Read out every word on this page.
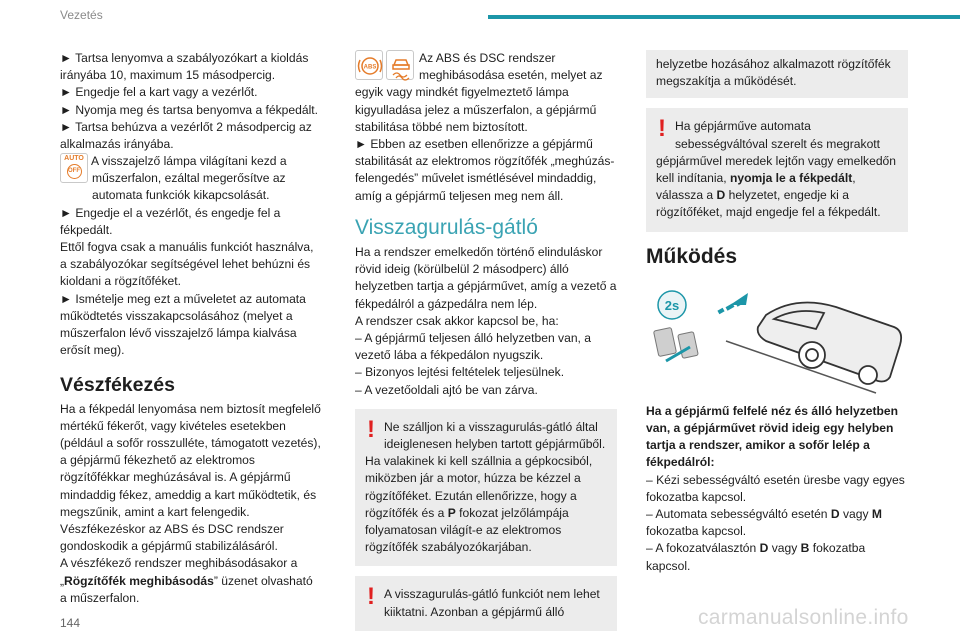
Vezetés

► Tartsa lenyomva a szabályozókart a kioldás irányába 10, maximum 15 másodpercig.

► Engedje fel a kart vagy a vezérlőt.

► Nyomja meg és tartsa benyomva a fékpedált.

► Tartsa behúzva a vezérlőt 2 másodpercig az alkalmazás irányába.

AUTO
OFF

A visszajelző lámpa világítani kezd a

műszerfalon, ezáltal megerősítve az automata funkciók kikapcsolását.

► Engedje el a vezérlőt, és engedje fel a fékpedált.

Ettől fogva csak a manuális funkciót használva, a szabályozókar segítségével lehet behúzni és kioldani a rögzítőféket.

► Ismételje meg ezt a műveletet az automata működtetés visszakapcsolásához (melyet a műszerfalon lévő visszajelző lámpa kialvása erősít meg).

Vészfékezés

Ha a fékpedál lenyomása nem biztosít megfelelő mértékű fékerőt, vagy kivételes esetekben (például a sofőr rosszulléte, támogatott vezetés), a gépjármű fékezhető az elektromos rögzítőfékkar meghúzásával is. A gépjármű mindaddig fékez, ameddig a kart működtetik, és megszűnik, amint a kart felengedik.

Vészfékezéskor az ABS és DSC rendszer gondoskodik a gépjármű stabilizálásáról.

A vészfékező rendszer meghibásodásakor a „Rögzítőfék meghibásodás” üzenet olvasható a műszerfalon.

ABS

Az ABS és DSC rendszer

meghibásodása esetén, melyet az

egyik vagy mindkét figyelmeztető lámpa kigyulladása jelez a műszerfalon, a gépjármű stabilitása többé nem biztosított.

► Ebben az esetben ellenőrizze a gépjármű stabilitását az elektromos rögzítőfék „meghúzás-felengedés” művelet ismétlésével mindaddig, amíg a gépjármű teljesen meg nem áll.

Visszagurulás-gátló

Ha a rendszer emelkedőn történő elinduláskor rövid ideig (körülbelül 2 másodperc) álló helyzetben tartja a gépjárművet, amíg a vezető a fékpedálról a gázpedálra nem lép.

A rendszer csak akkor kapcsol be, ha:

– A gépjármű teljesen álló helyzetben van, a vezető lába a fékpedálon nyugszik.

– Bizonyos lejtési feltételek teljesülnek.

– A vezetőoldali ajtó be van zárva.

! Ne szálljon ki a visszagurulás-gátló által ideiglenesen helyben tartott gépjárműből.

Ha valakinek ki kell szállnia a gépkocsiból, miközben jár a motor, húzza be kézzel a rögzítőféket. Ezután ellenőrizze, hogy a rögzítőfék és a P fokozat jelzőlámpája folyamatosan világít-e az elektromos rögzítőfék szabályozókarjában.

! A visszagurulás-gátló funkciót nem lehet kiiktatni. Azonban a gépjármű álló

helyzetbe hozásához alkalmazott rögzítőfék megszakítja a működését.

! Ha gépjárműve automata sebességváltóval szerelt és megrakott

gépjárművel meredek lejtőn vagy emelkedőn kell indítania, nyomja le a fékpedált, válassza a D helyzetet, engedje ki a rögzítőféket, majd engedje fel a fékpedált.

Működés
2s

Ha a gépjármű felfelé néz és álló helyzetben van, a gépjárművet rövid ideig egy helyben tartja a rendszer, amikor a sofőr lelép a fékpedálról:

– Kézi sebességváltó esetén üresbe vagy egyes fokozatba kapcsol.

– Automata sebességváltó esetén D vagy M fokozatba kapcsol.

– A fokozatválasztón D vagy B fokozatba kapcsol.

144	carmanualsonline.info
